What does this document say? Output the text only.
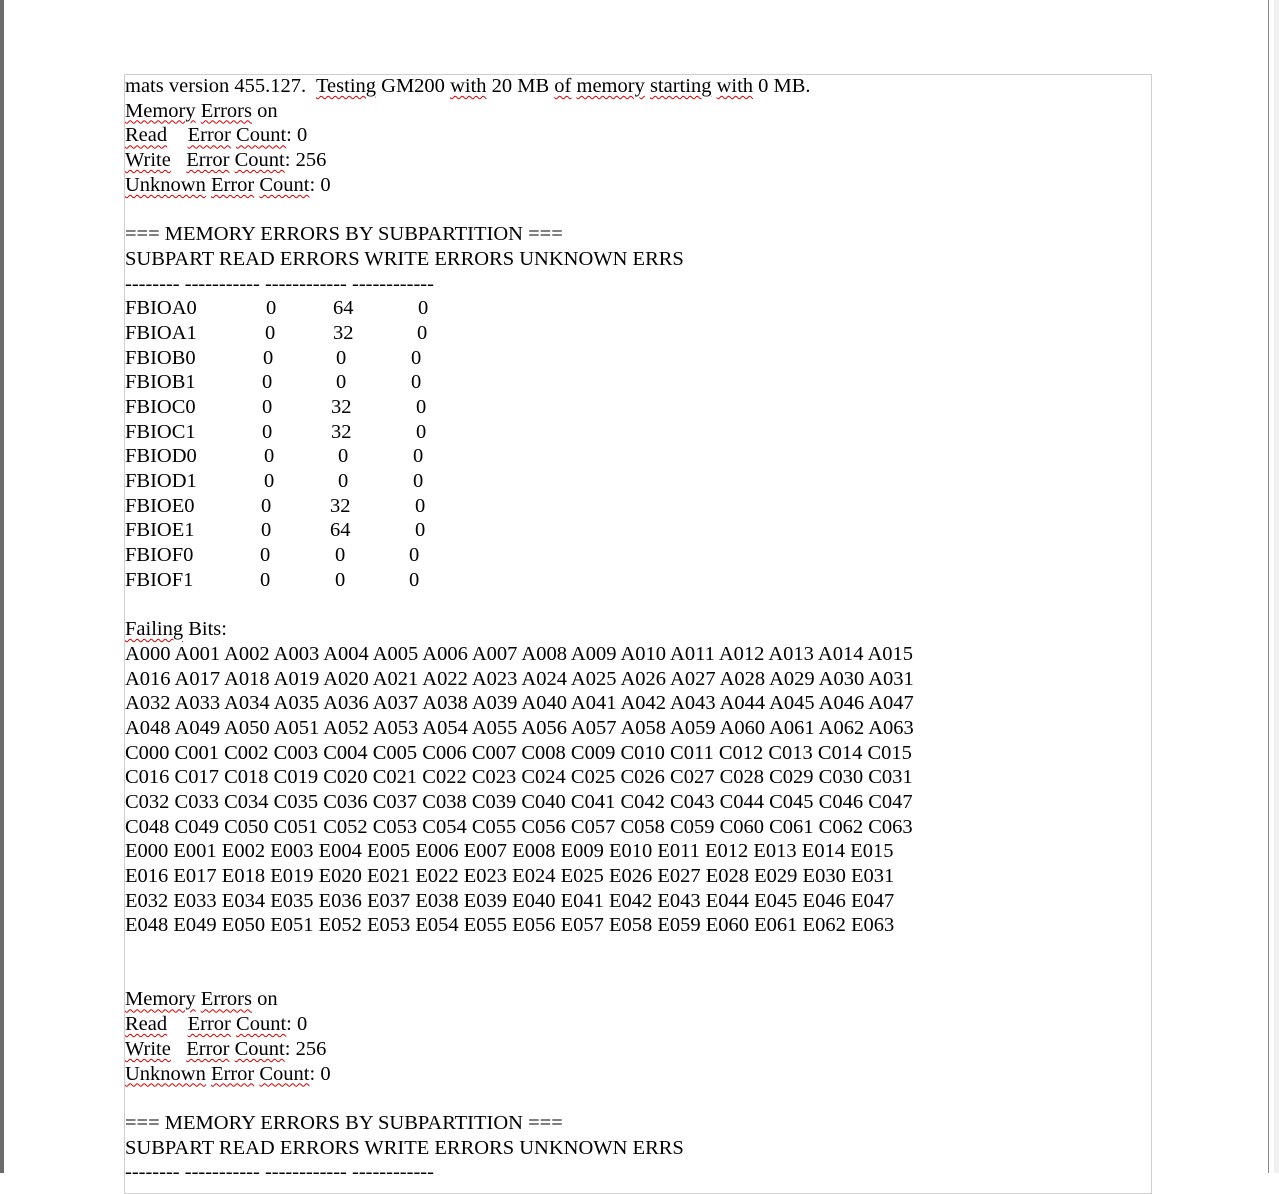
mats version 455.127.  Testing GM200 with 20 MB of memory starting with 0 MB.
Memory Errors on
Read Error Count: 0
Write Error Count: 256
Unknown Error Count: 0
=== MEMORY ERRORS BY SUBPARTITION ===
SUBPART READ ERRORS WRITE ERRORS UNKNOWN ERRS
-------- ----------- ------------ ------------
FBIOA0	0	64	0
FBIOA1	0	32	0
FBIOB0	0	0	0
FBIOB1	0	0	0
FBIOC0	0	32	0
FBIOC1	0	32	0
FBIOD0	0	0	0
FBIOD1	0	0	0
FBIOE0	0	32	0
FBIOE1	0	64	0
FBIOF0	0	0	0
FBIOF1	0	0	0
Failing Bits:
A000 A001 A002 A003 A004 A005 A006 A007 A008 A009 A010 A011 A012 A013 A014 A015
A016 A017 A018 A019 A020 A021 A022 A023 A024 A025 A026 A027 A028 A029 A030 A031
A032 A033 A034 A035 A036 A037 A038 A039 A040 A041 A042 A043 A044 A045 A046 A047
A048 A049 A050 A051 A052 A053 A054 A055 A056 A057 A058 A059 A060 A061 A062 A063
C000 C001 C002 C003 C004 C005 C006 C007 C008 C009 C010 C011 C012 C013 C014 C015
C016 C017 C018 C019 C020 C021 C022 C023 C024 C025 C026 C027 C028 C029 C030 C031
C032 C033 C034 C035 C036 C037 C038 C039 C040 C041 C042 C043 C044 C045 C046 C047
C048 C049 C050 C051 C052 C053 C054 C055 C056 C057 C058 C059 C060 C061 C062 C063
E000 E001 E002 E003 E004 E005 E006 E007 E008 E009 E010 E011 E012 E013 E014 E015
E016 E017 E018 E019 E020 E021 E022 E023 E024 E025 E026 E027 E028 E029 E030 E031
E032 E033 E034 E035 E036 E037 E038 E039 E040 E041 E042 E043 E044 E045 E046 E047
E048 E049 E050 E051 E052 E053 E054 E055 E056 E057 E058 E059 E060 E061 E062 E063
Memory Errors on
Read Error Count: 0
Write Error Count: 256
Unknown Error Count: 0
=== MEMORY ERRORS BY SUBPARTITION ===
SUBPART READ ERRORS WRITE ERRORS UNKNOWN ERRS
-------- ----------- ------------ ------------
